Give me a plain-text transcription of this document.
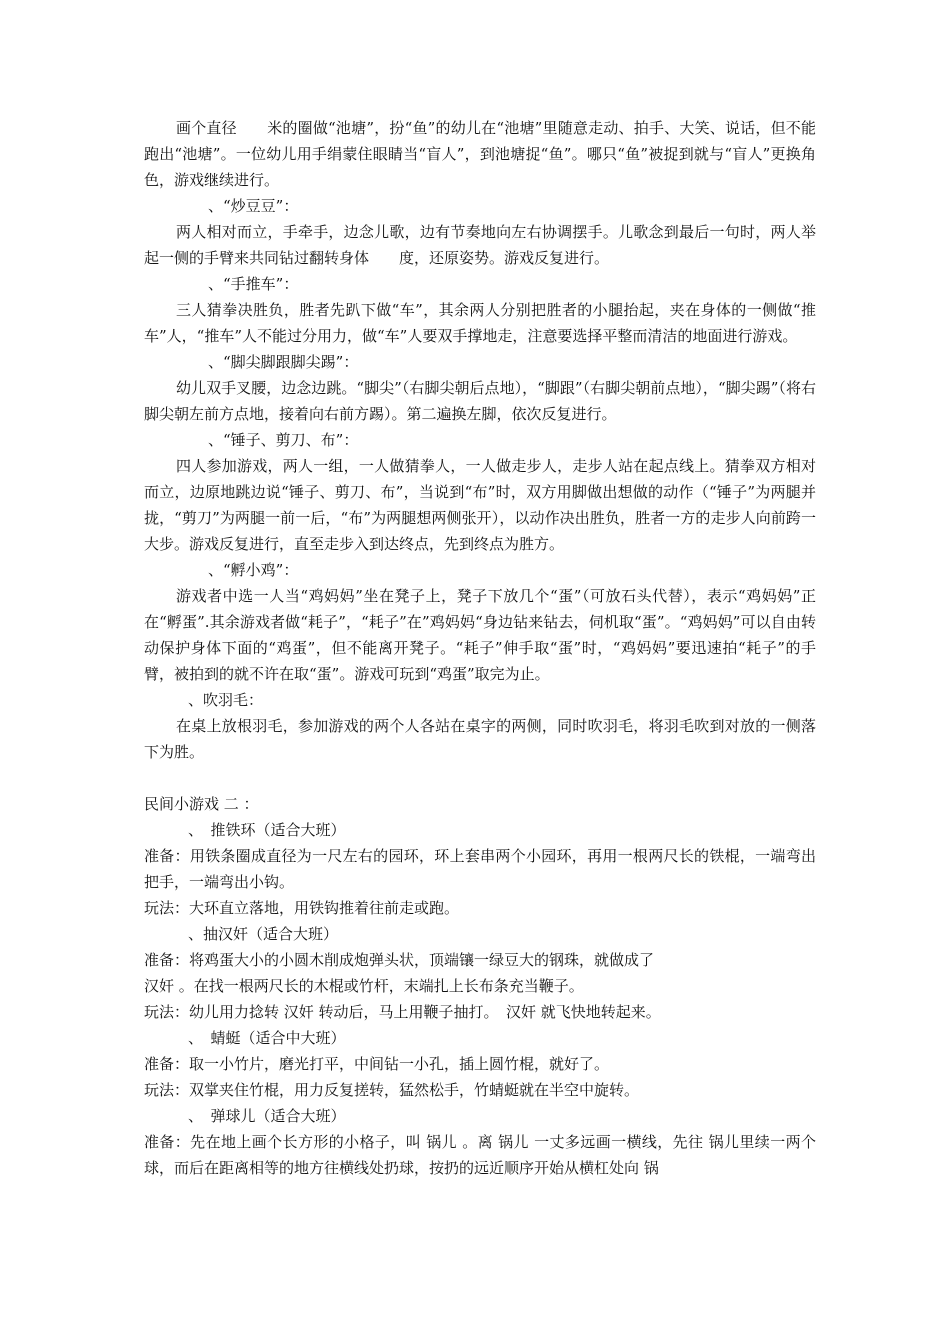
画个直径　　米的圈做“池塘”，扮“鱼”的幼儿在“池塘”里随意走动、拍手、大笑、说话，但不能跑出“池塘”。一位幼儿用手绢蒙住眼睛当“盲人”，到池塘捉“鱼”。哪只“鱼”被捉到就与“盲人”更换角色，游戏继续进行。

、“炒豆豆”：

两人相对而立，手牵手，边念儿歌，边有节奏地向左右协调摆手。儿歌念到最后一句时，两人举起一侧的手臂来共同钻过翻转身体　　度，还原姿势。游戏反复进行。

、“手推车”：

三人猜拳决胜负，胜者先趴下做“车”，其余两人分别把胜者的小腿抬起，夹在身体的一侧做“推车”人，“推车”人不能过分用力，做“车”人要双手撑地走，注意要选择平整而清洁的地面进行游戏。

、“脚尖脚跟脚尖踢”：

幼儿双手叉腰，边念边跳。“脚尖”（右脚尖朝后点地），“脚跟”（右脚尖朝前点地），“脚尖踢”（将右脚尖朝左前方点地，接着向右前方踢）。第二遍换左脚，依次反复进行。

、“锤子、剪刀、布”：

四人参加游戏，两人一组，一人做猜拳人，一人做走步人，走步人站在起点线上。猜拳双方相对而立，边原地跳边说“锤子、剪刀、布”，当说到“布”时，双方用脚做出想做的动作（“锤子”为两腿并拢，“剪刀”为两腿一前一后，“布”为两腿想两侧张开），以动作决出胜负，胜者一方的走步人向前跨一大步。游戏反复进行，直至走步入到达终点，先到终点为胜方。

、“孵小鸡”：

游戏者中选一人当“鸡妈妈”坐在凳子上，凳子下放几个“蛋”（可放石头代替），表示“鸡妈妈”正在“孵蛋”.其余游戏者做“耗子”，“耗子”在”鸡妈妈“身边钻来钻去，伺机取“蛋”。“鸡妈妈”可以自由转动保护身体下面的“鸡蛋”，但不能离开凳子。“耗子”伸手取“蛋”时，“鸡妈妈”要迅速拍“耗子”的手臂，被拍到的就不许在取“蛋”。游戏可玩到“鸡蛋”取完为止。

、吹羽毛：

在桌上放根羽毛，参加游戏的两个人各站在桌字的两侧，同时吹羽毛，将羽毛吹到对放的一侧落下为胜。

民间小游戏 二 ：

、　推铁环（适合大班）

准备：用铁条圈成直径为一尺左右的园环，环上套串两个小园环，再用一根两尺长的铁棍，一端弯出把手，一端弯出小钩。

玩法：大环直立落地，用铁钩推着往前走或跑。

、抽汉奸（适合大班）

准备：将鸡蛋大小的小圆木削成炮弹头状，顶端镶一绿豆大的钢珠，就做成了

汉奸 。在找一根两尺长的木棍或竹杆，末端扎上长布条充当鞭子。

玩法：幼儿用力捻转 汉奸 转动后，马上用鞭子抽打。　汉奸 就飞快地转起来。

、　蜻蜓（适合中大班）

准备：取一小竹片，磨光打平，中间钻一小孔，插上圆竹棍，就好了。

玩法：双掌夹住竹棍，用力反复搓转，猛然松手，竹蜻蜓就在半空中旋转。

、　弹球儿（适合大班）

准备：先在地上画个长方形的小格子，叫 锅儿 。离 锅儿 一丈多远画一横线，先往 锅儿里续一两个球，而后在距离相等的地方往横线处扔球，按扔的远近顺序开始从横杠处向 锅
